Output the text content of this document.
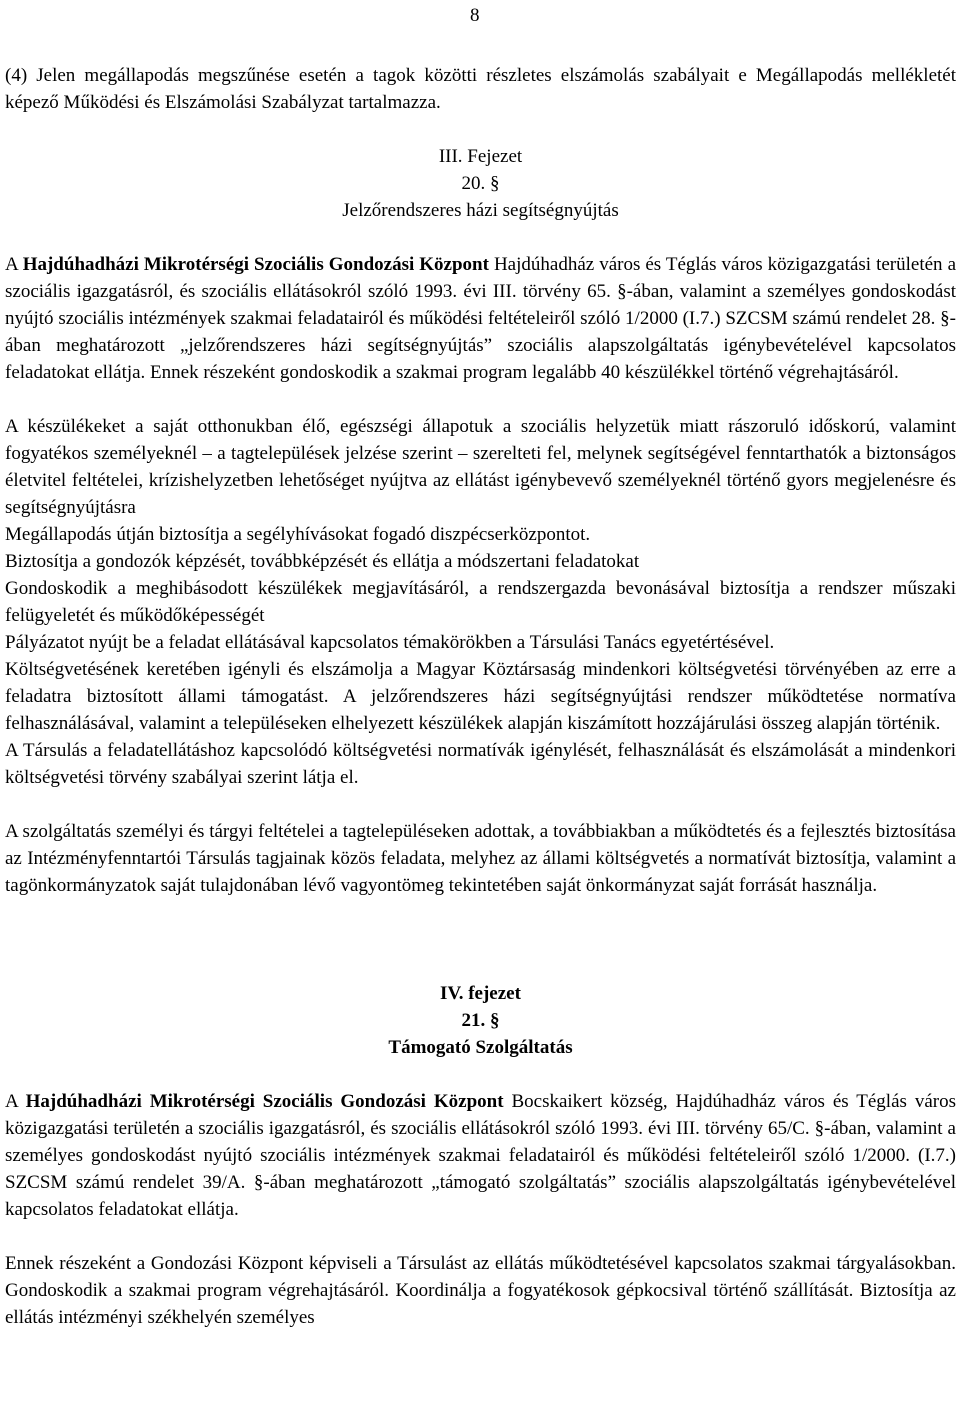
8

(4) Jelen megállapodás megszűnése esetén a tagok közötti részletes elszámolás szabályait e Megállapodás mellékletét képező Működési és Elszámolási Szabályzat tartalmazza.

III. Fejezet
20. §
Jelzőrendszeres házi segítségnyújtás

A Hajdúhadházi Mikrotérségi Szociális Gondozási Központ Hajdúhadház város és Téglás város közigazgatási területén a szociális igazgatásról, és szociális ellátásokról szóló 1993. évi III. törvény 65. §-ában, valamint a személyes gondoskodást nyújtó szociális intézmények szakmai feladatairól és működési feltételeiről szóló 1/2000 (I.7.) SZCSM számú rendelet 28. §-ában meghatározott „jelzőrendszeres házi segítségnyújtás” szociális alapszolgáltatás igénybevételével kapcsolatos feladatokat ellátja. Ennek részeként gondoskodik a szakmai program legalább 40 készülékkel történő végrehajtásáról.

A készülékeket a saját otthonukban élő, egészségi állapotuk a szociális helyzetük miatt rászoruló időskorú, valamint fogyatékos személyeknél – a tagtelepülések jelzése szerint – szerelteti fel, melynek segítségével fenntarthatók a biztonságos életvitel feltételei, krízishelyzetben lehetőséget nyújtva az ellátást igénybevevő személyeknél történő gyors megjelenésre és segítségnyújtásra

Megállapodás útján biztosítja a segélyhívásokat fogadó diszpécserközpontot.

Biztosítja a gondozók képzését, továbbképzését és ellátja a módszertani feladatokat

Gondoskodik a meghibásodott készülékek megjavításáról, a rendszergazda bevonásával biztosítja a rendszer műszaki felügyeletét és működőképességét

Pályázatot nyújt be a feladat ellátásával kapcsolatos témakörökben a Társulási Tanács egyetértésével.

Költségvetésének keretében igényli és elszámolja a Magyar Köztársaság mindenkori költségvetési törvényében az erre a feladatra biztosított állami támogatást. A jelzőrendszeres házi segítségnyújtási rendszer működtetése normatíva felhasználásával, valamint a településeken elhelyezett készülékek alapján kiszámított hozzájárulási összeg alapján történik.

A Társulás a feladatellátáshoz kapcsolódó költségvetési normatívák igénylését, felhasználását és elszámolását a mindenkori költségvetési törvény szabályai szerint látja el.

A szolgáltatás személyi és tárgyi feltételei a tagtelepüléseken adottak, a továbbiakban a működtetés és a fejlesztés biztosítása az Intézményfenntartói Társulás tagjainak közös feladata, melyhez az állami költségvetés a normatívát biztosítja, valamint a tagönkormányzatok saját tulajdonában lévő vagyontömeg tekintetében saját önkormányzat saját forrását használja.

IV. fejezet
21. §
Támogató Szolgáltatás

A Hajdúhadházi Mikrotérségi Szociális Gondozási Központ Bocskaikert község, Hajdúhadház város és Téglás város közigazgatási területén a szociális igazgatásról, és szociális ellátásokról szóló 1993. évi III. törvény 65/C. §-ában, valamint a személyes gondoskodást nyújtó szociális intézmények szakmai feladatairól és működési feltételeiről szóló 1/2000. (I.7.) SZCSM számú rendelet 39/A. §-ában meghatározott „támogató szolgáltatás” szociális alapszolgáltatás igénybevételével kapcsolatos feladatokat ellátja.

Ennek részeként a Gondozási Központ képviseli a Társulást az ellátás működtetésével kapcsolatos szakmai tárgyalásokban. Gondoskodik a szakmai program végrehajtásáról. Koordinálja a fogyatékosok gépkocsival történő szállítását. Biztosítja az ellátás intézményi székhelyén személyes
